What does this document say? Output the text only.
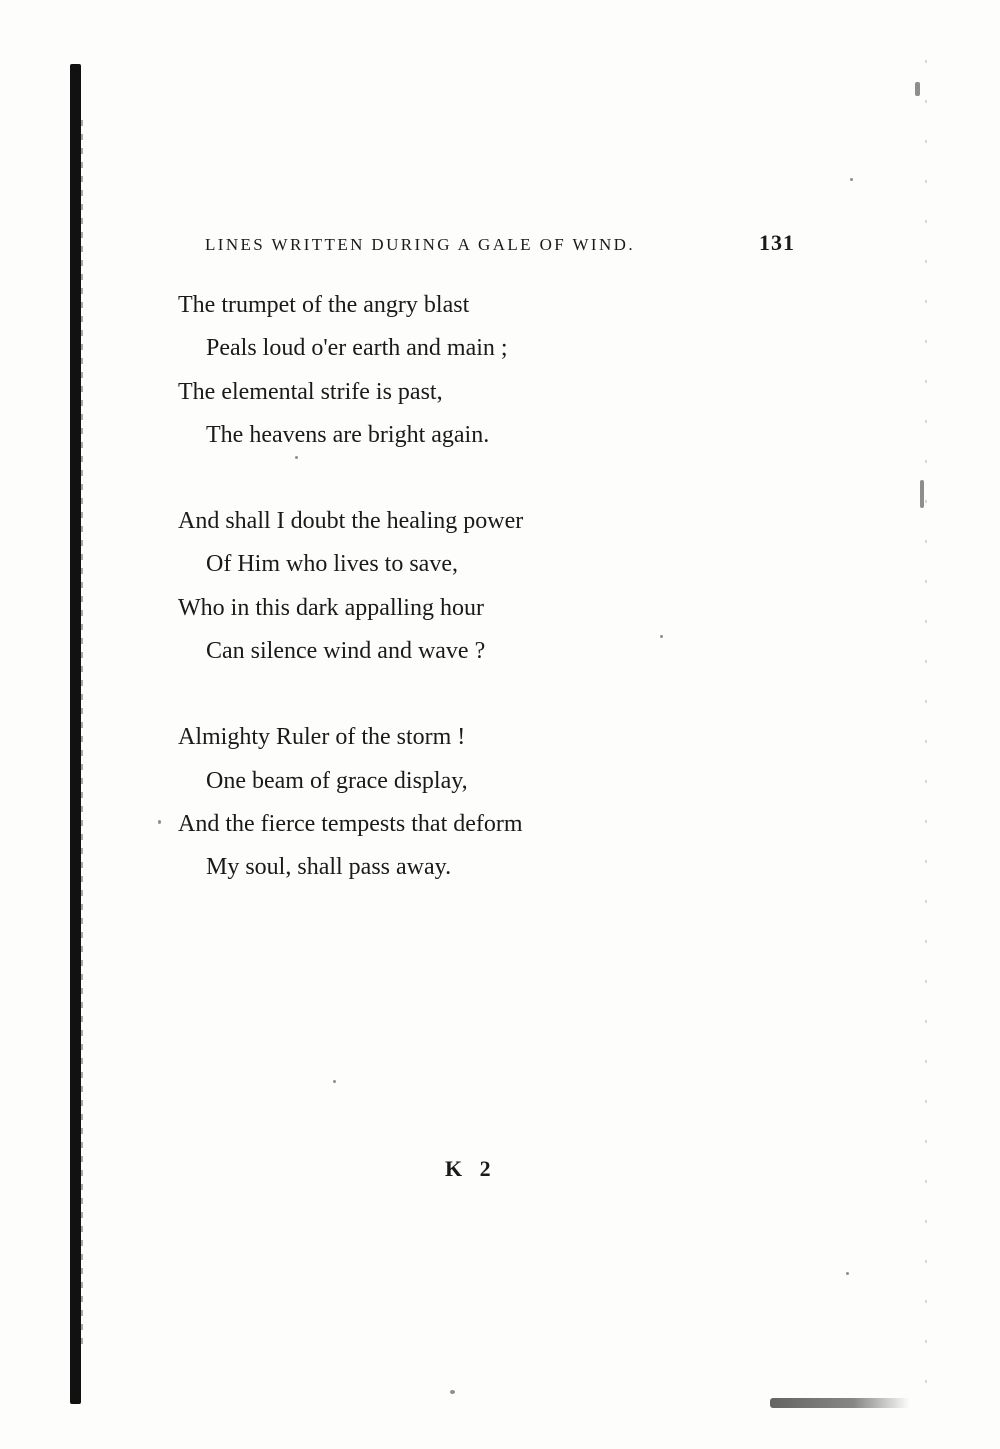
LINES WRITTEN DURING A GALE OF WIND.	131
The trumpet of the angry blast
Peals loud o'er earth and main ;
The elemental strife is past,
The heavens are bright again.
And shall I doubt the healing power
Of Him who lives to save,
Who in this dark appalling hour
Can silence wind and wave ?
Almighty Ruler of the storm !
One beam of grace display,
And the fierce tempests that deform
My soul, shall pass away.
K 2
